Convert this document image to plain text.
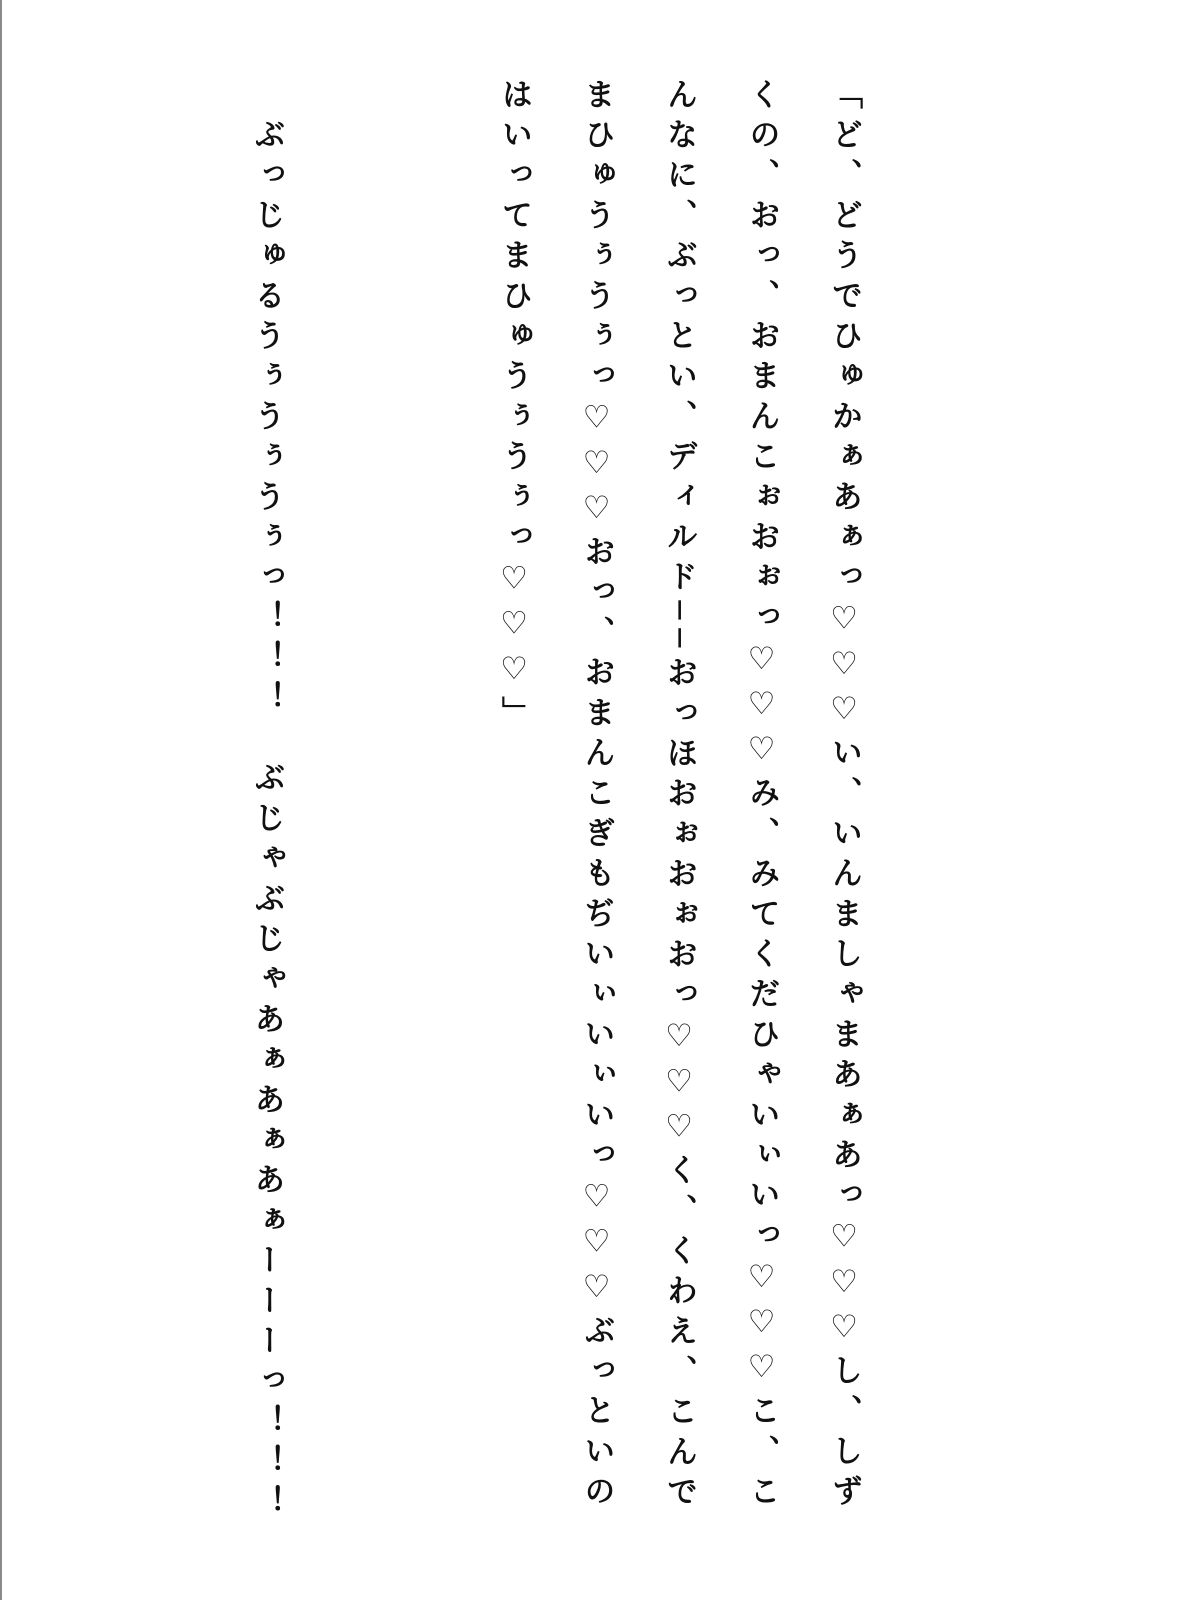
「ど、どうでひゅかぁあぁっ♡♡♡い、いんましゃまあぁあっ♡♡♡し、しずくの、おっ、おまんこぉおぉっ♡♡♡み、みてくだひゃいぃいっ♡♡♡こ、こんなに、ぶっとい、ディルド──おっほおぉおぉおっ♡♡♡く、くわえ、こんでまひゅうぅうぅっ♡♡♡おっ、おまんこぎもぢいぃいぃいっ♡♡♡ぶっといのはいってまひゅうぅうぅっ♡♡♡」

　ぶっじゅるうぅうぅうぅっ！！！　ぶじゃぶじゃあぁあぁあぁーーーっ！！！
